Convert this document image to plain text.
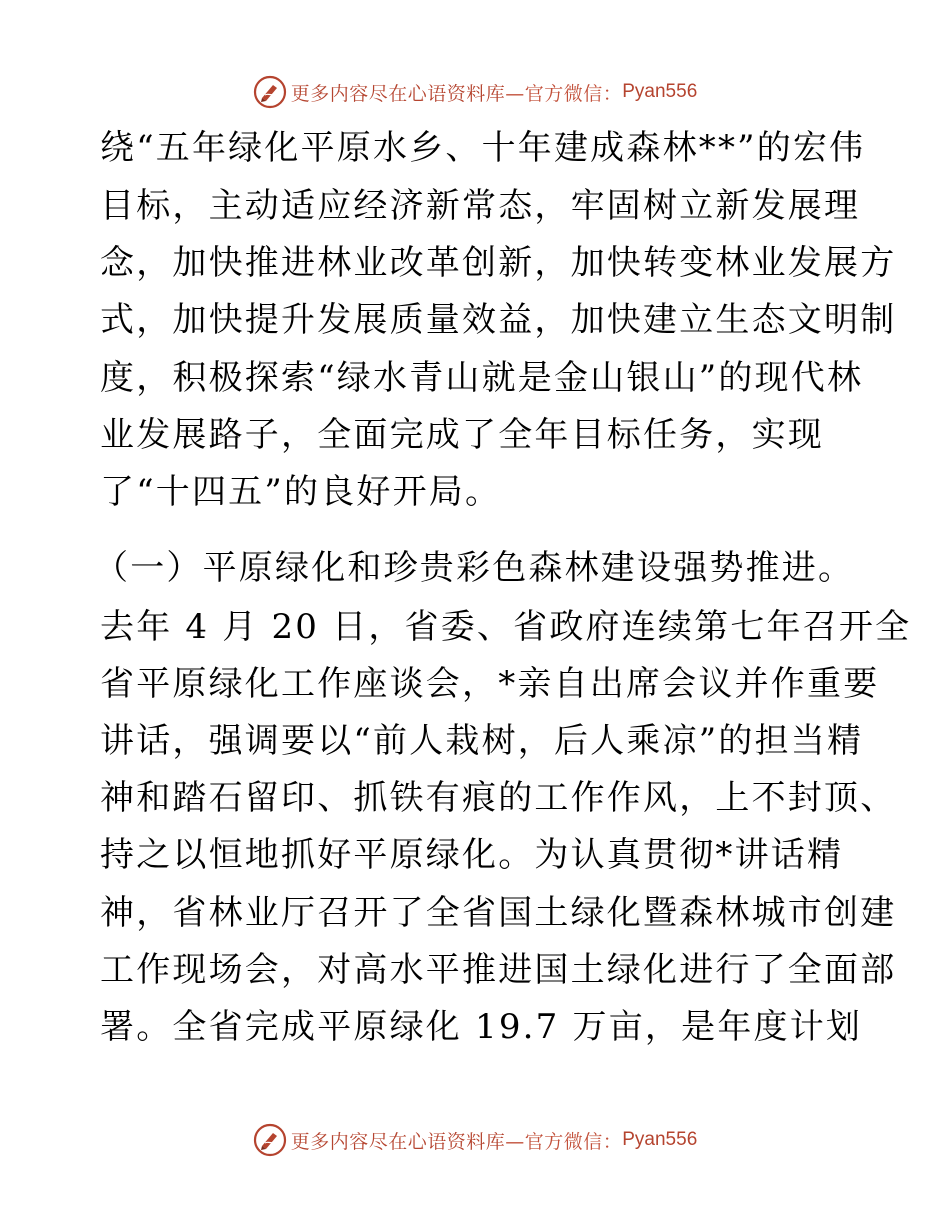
更多内容尽在心语资料库 —官方微信： Pyan556
绕“五年绿化平原水乡、十年建成森林**”的宏伟
目标，主动适应经济新常态，牢固树立新发展理
念，加快推进林业改革创新，加快转变林业发展方
式，加快提升发展质量效益，加快建立生态文明制
度，积极探索“绿水青山就是金山银山”的现代林
业发展路子，全面完成了全年目标任务，实现
了“十四五”的良好开局。
（一）平原绿化和珍贵彩色森林建设强势推进。
去年 4 月 20 日，省委、省政府连续第七年召开全
省平原绿化工作座谈会，*亲自出席会议并作重要
讲话，强调要以“前人栽树，后人乘凉”的担当精
神和踏石留印、抓铁有痕的工作作风，上不封顶、
持之以恒地抓好平原绿化。为认真贯彻*讲话精
神，省林业厅召开了全省国土绿化暨森林城市创建
工作现场会，对高水平推进国土绿化进行了全面部
署。全省完成平原绿化 19.7 万亩，是年度计划
更多内容尽在心语资料库 —官方微信： Pyan556
